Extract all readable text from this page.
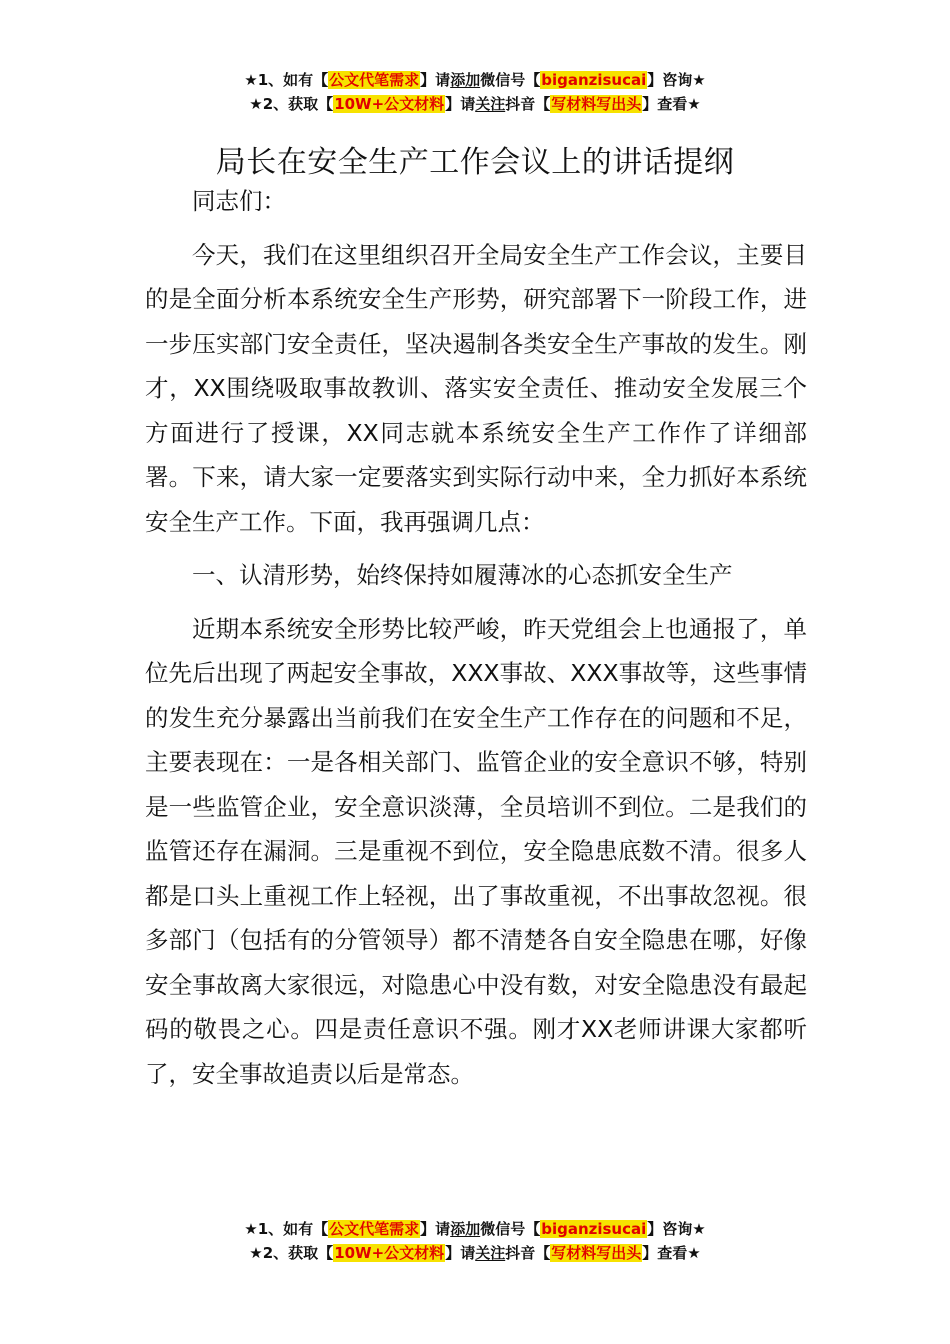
★1、如有【公文代笔需求】请添加微信号【biganzisucai】咨询★
★2、获取【10W+公文材料】请关注抖音【写材料写出头】查看★
局长在安全生产工作会议上的讲话提纲

同志们：

今天，我们在这里组织召开全局安全生产工作会议，主要目的是全面分析本系统安全生产形势，研究部署下一阶段工作，进一步压实部门安全责任，坚决遏制各类安全生产事故的发生。刚才，XX围绕吸取事故教训、落实安全责任、推动安全发展三个方面进行了授课，XX同志就本系统安全生产工作作了详细部署。下来，请大家一定要落实到实际行动中来，全力抓好本系统安全生产工作。下面，我再强调几点：

一、认清形势，始终保持如履薄冰的心态抓安全生产

近期本系统安全形势比较严峻，昨天党组会上也通报了，单位先后出现了两起安全事故，XXX事故、XXX事故等，这些事情的发生充分暴露出当前我们在安全生产工作存在的问题和不足，主要表现在：一是各相关部门、监管企业的安全意识不够，特别是一些监管企业，安全意识淡薄，全员培训不到位。二是我们的监管还存在漏洞。三是重视不到位，安全隐患底数不清。很多人都是口头上重视工作上轻视，出了事故重视，不出事故忽视。很多部门（包括有的分管领导）都不清楚各自安全隐患在哪，好像安全事故离大家很远，对隐患心中没有数，对安全隐患没有最起码的敬畏之心。四是责任意识不强。刚才XX老师讲课大家都听了，安全事故追责以后是常态。

★1、如有【公文代笔需求】请添加微信号【biganzisucai】咨询★
★2、获取【10W+公文材料】请关注抖音【写材料写出头】查看★
